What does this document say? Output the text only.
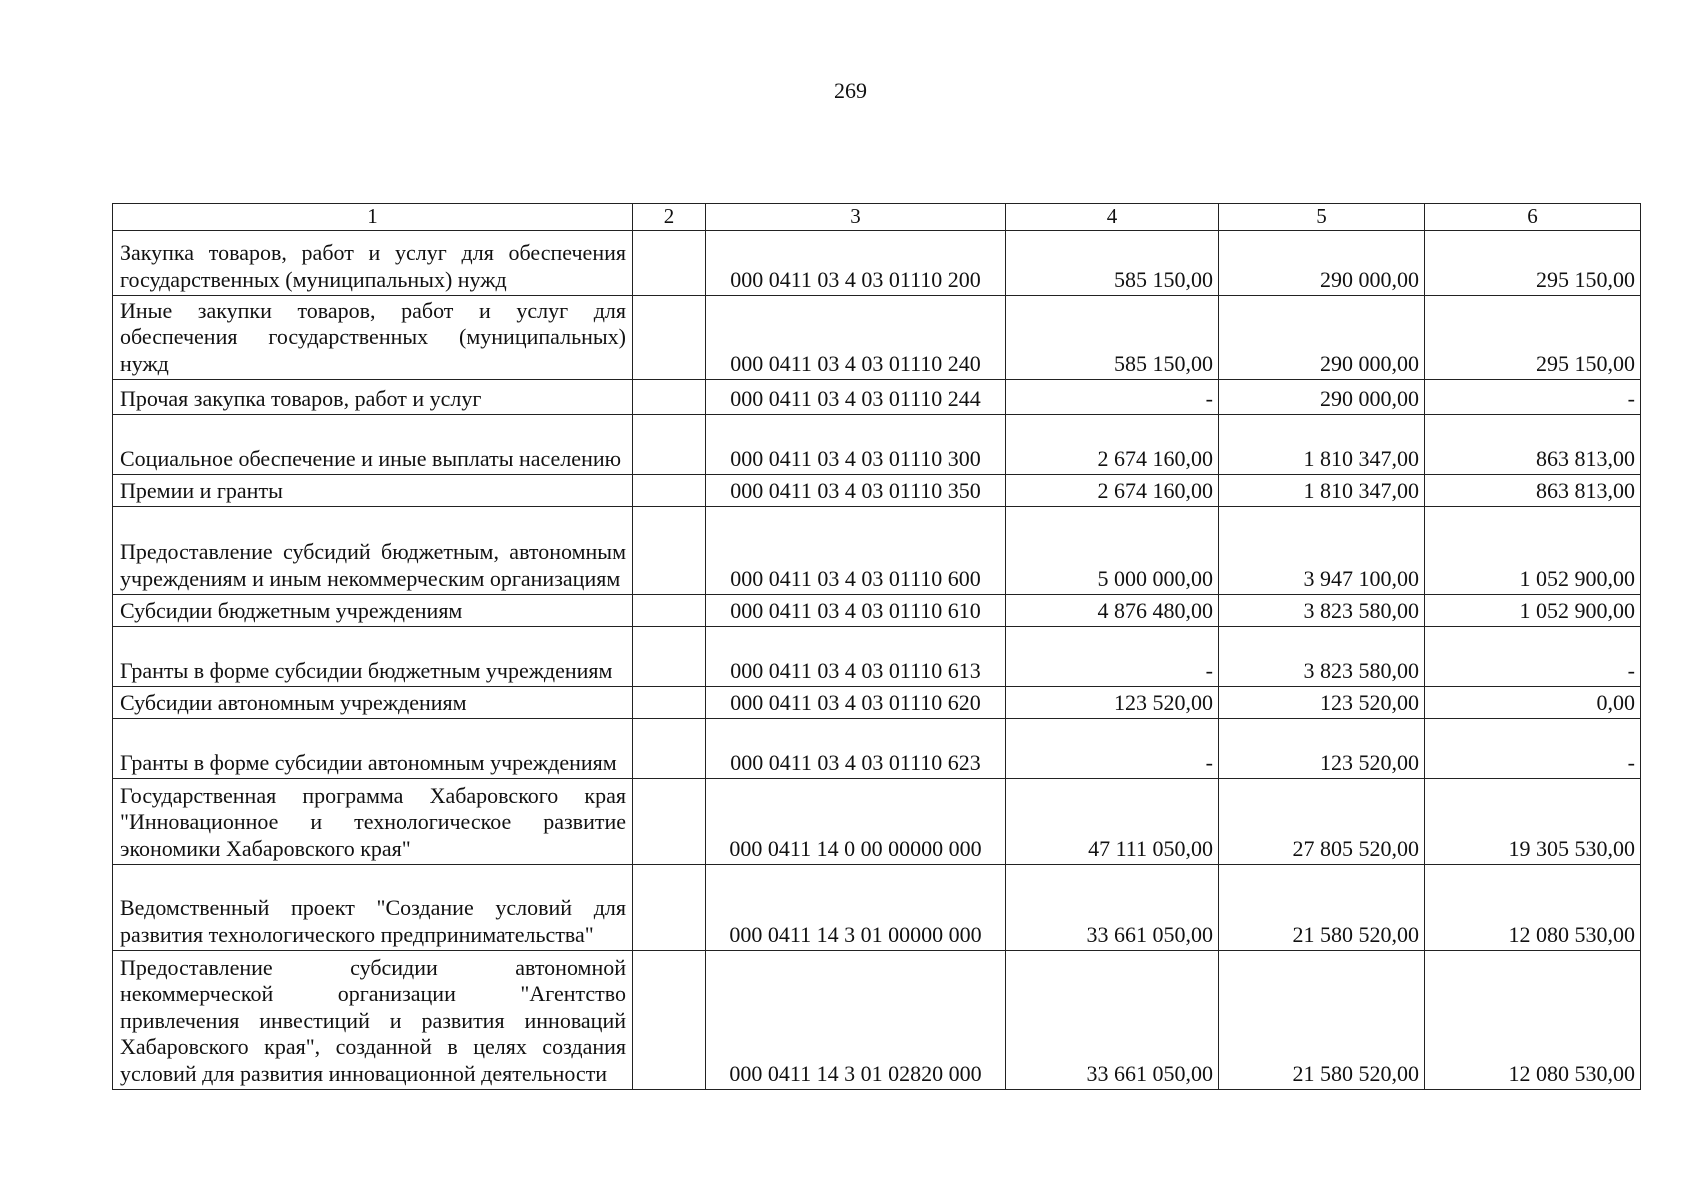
269
1	2	3	4	5	6
Закупка товаров, работ и услуг для обеспечения государственных (муниципальных) нужд		000 0411 03 4 03 01110 200	585 150,00	290 000,00	295 150,00
Иные закупки товаров, работ и услуг для обеспечения государственных (муниципальных) нужд		000 0411 03 4 03 01110 240	585 150,00	290 000,00	295 150,00
Прочая закупка товаров, работ и услуг		000 0411 03 4 03 01110 244	-	290 000,00	-
Социальное обеспечение и иные выплаты населению		000 0411 03 4 03 01110 300	2 674 160,00	1 810 347,00	863 813,00
Премии и гранты		000 0411 03 4 03 01110 350	2 674 160,00	1 810 347,00	863 813,00
Предоставление субсидий бюджетным, автономным учреждениям и иным некоммерческим организациям		000 0411 03 4 03 01110 600	5 000 000,00	3 947 100,00	1 052 900,00
Субсидии бюджетным учреждениям		000 0411 03 4 03 01110 610	4 876 480,00	3 823 580,00	1 052 900,00
Гранты в форме субсидии бюджетным учреждениям		000 0411 03 4 03 01110 613	-	3 823 580,00	-
Субсидии автономным учреждениям		000 0411 03 4 03 01110 620	123 520,00	123 520,00	0,00
Гранты в форме субсидии автономным учреждениям		000 0411 03 4 03 01110 623	-	123 520,00	-
Государственная программа Хабаровского края "Инновационное и технологическое развитие экономики Хабаровского края"		000 0411 14 0 00 00000 000	47 111 050,00	27 805 520,00	19 305 530,00
Ведомственный проект "Создание условий для развития технологического предпринимательства"		000 0411 14 3 01 00000 000	33 661 050,00	21 580 520,00	12 080 530,00
Предоставление субсидии автономной некоммерческой организации "Агентство привлечения инвестиций и развития инноваций Хабаровского края", созданной в целях создания условий для развития инновационной деятельности		000 0411 14 3 01 02820 000	33 661 050,00	21 580 520,00	12 080 530,00
